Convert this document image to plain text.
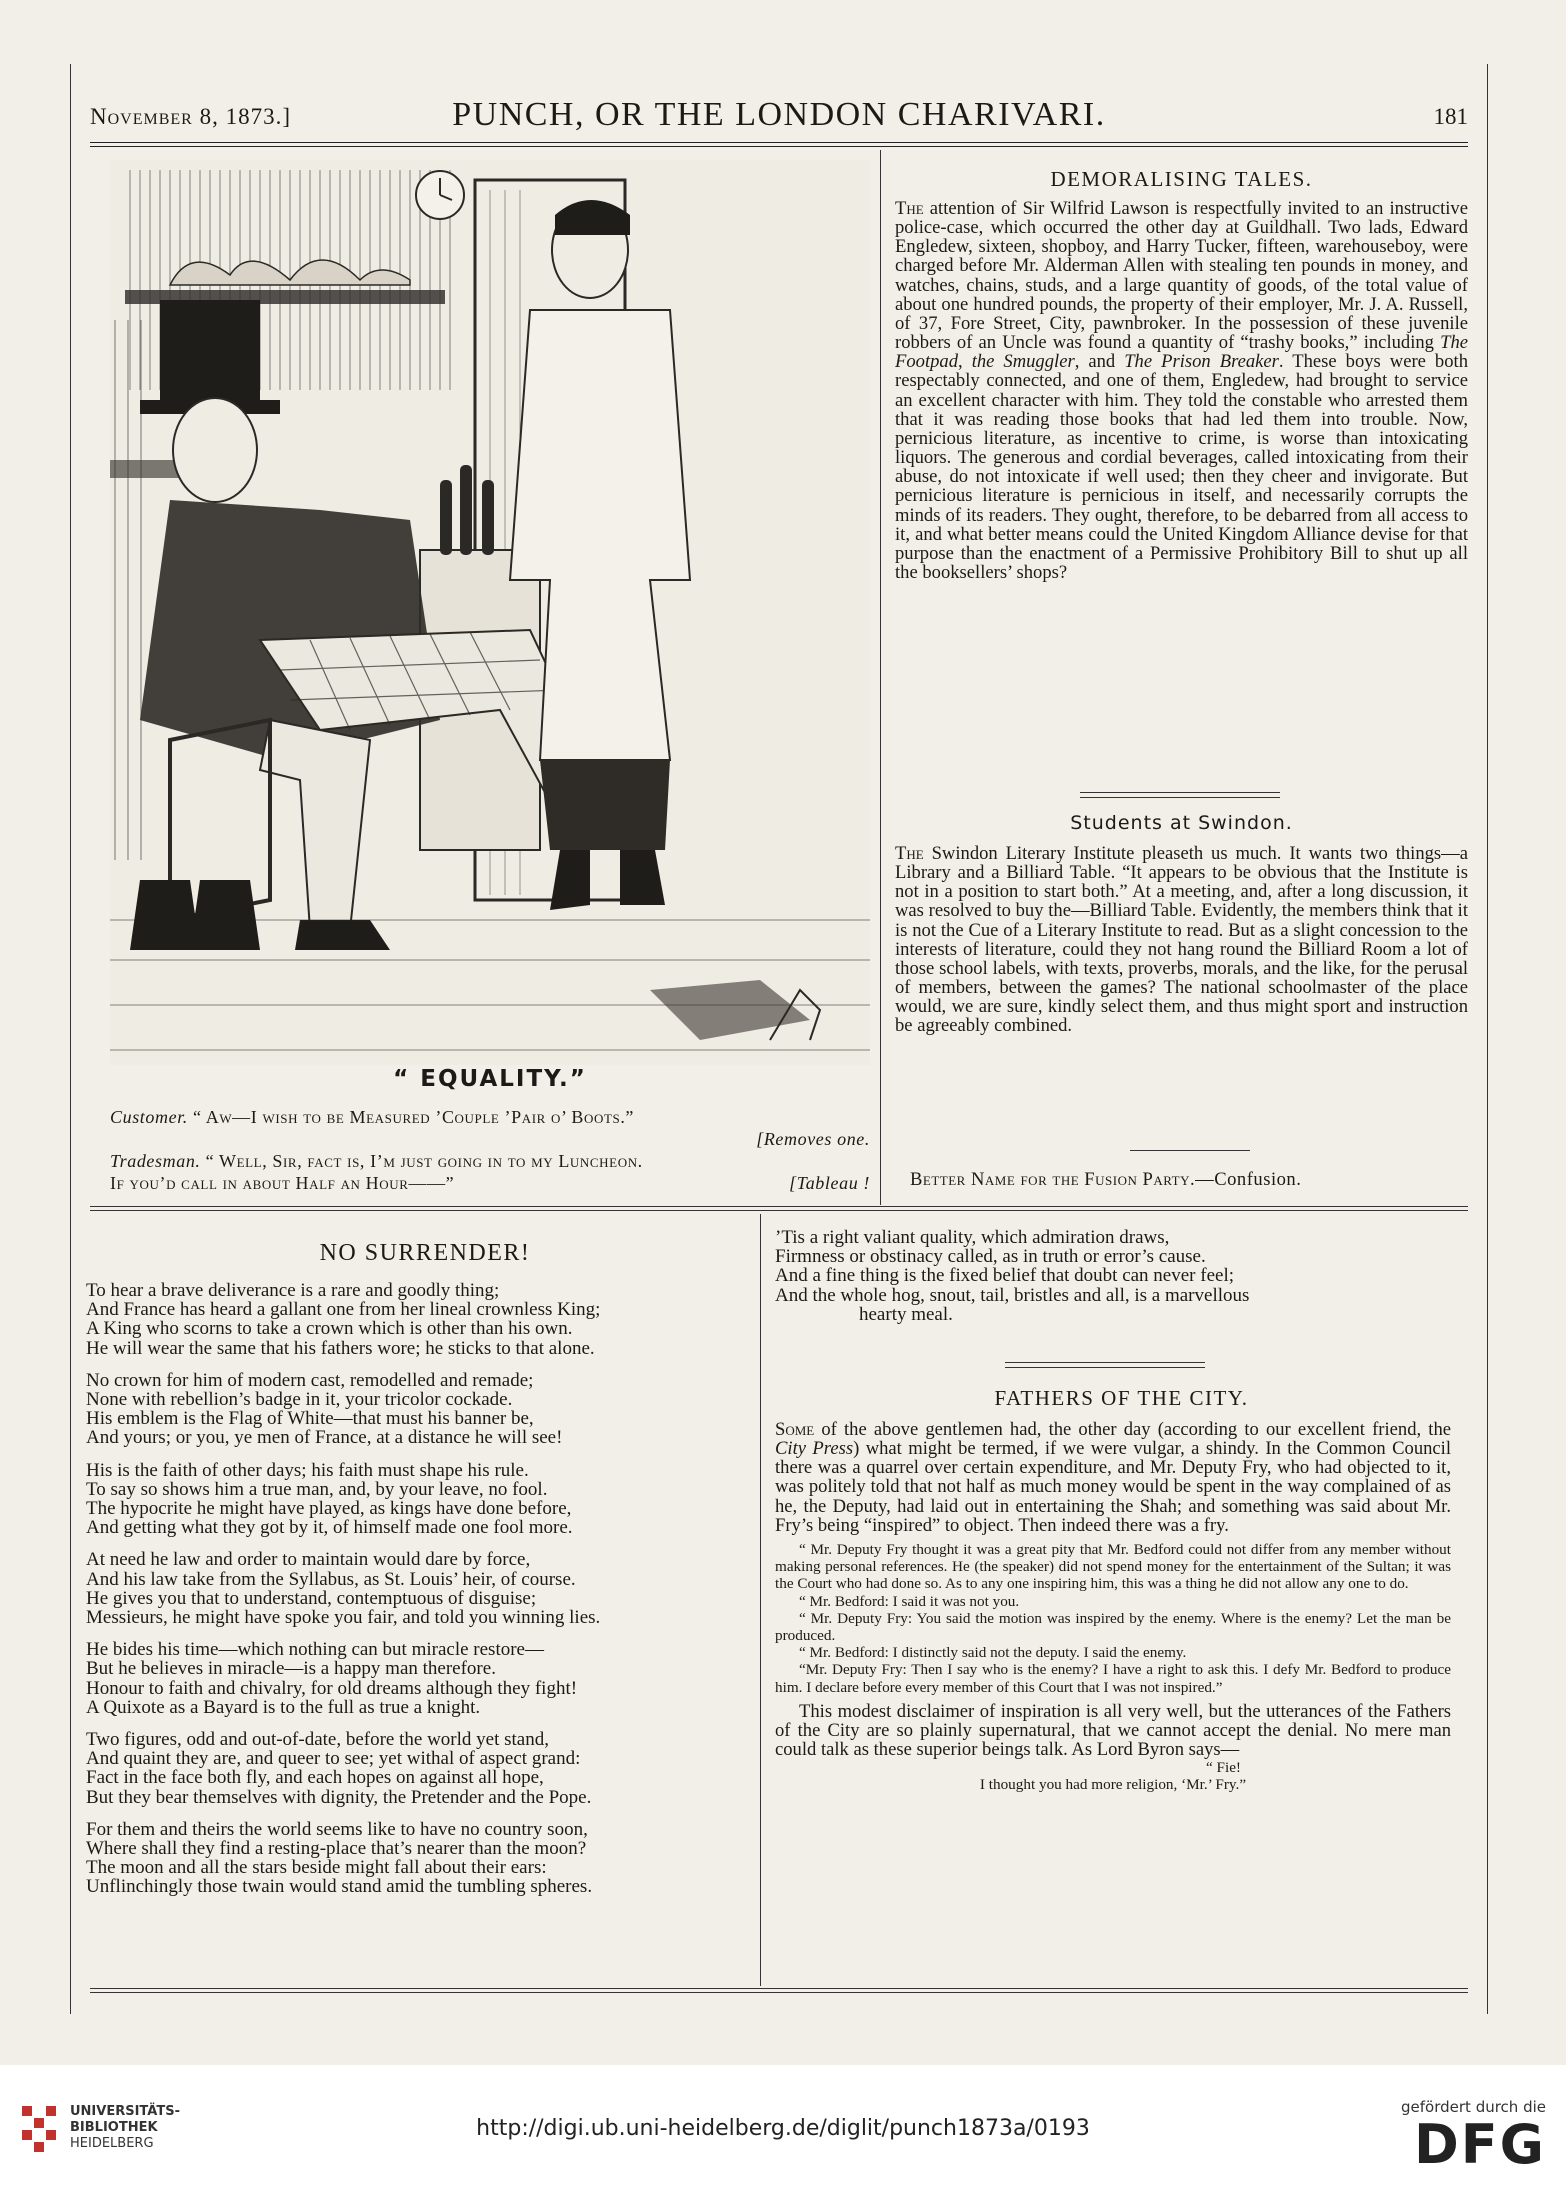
November 8, 1873.]	PUNCH, OR THE LONDON CHARIVARI.	181
“ EQUALITY.”
Customer. “ Aw—I wish to be Measured ’Couple ’Pair o’ Boots.”
[Removes one.
Tradesman. “ Well, Sir, fact is, I’m just going in to my Luncheon.
If you’d call in about Half an Hour——”	[Tableau !
DEMORALISING TALES.

The attention of Sir Wilfrid Lawson is respectfully invited to an instructive police-case, which occurred the other day at Guildhall. Two lads, Edward Engledew, sixteen, shopboy, and Harry Tucker, fifteen, warehouseboy, were charged before Mr. Alderman Allen with stealing ten pounds in money, and watches, chains, studs, and a large quantity of goods, of the total value of about one hundred pounds, the property of their employer, Mr. J. A. Russell, of 37, Fore Street, City, pawnbroker. In the possession of these juvenile robbers of an Uncle was found a quantity of “trashy books,” including The Footpad, the Smuggler, and The Prison Breaker. These boys were both respectably connected, and one of them, Engledew, had brought to service an excellent character with him. They told the constable who arrested them that it was reading those books that had led them into trouble. Now, pernicious literature, as incentive to crime, is worse than intoxicating liquors. The generous and cordial beverages, called intoxicating from their abuse, do not intoxicate if well used; then they cheer and invigorate. But pernicious literature is pernicious in itself, and necessarily corrupts the minds of its readers. They ought, therefore, to be debarred from all access to it, and what better means could the United Kingdom Alliance devise for that purpose than the enactment of a Permissive Prohibitory Bill to shut up all the booksellers’ shops?

Students at Swindon.

The Swindon Literary Institute pleaseth us much. It wants two things—a Library and a Billiard Table. “It appears to be obvious that the Institute is not in a position to start both.” At a meeting, and, after a long discussion, it was resolved to buy the—Billiard Table. Evidently, the members think that it is not the Cue of a Literary Institute to read. But as a slight concession to the interests of literature, could they not hang round the Billiard Room a lot of those school labels, with texts, proverbs, morals, and the like, for the perusal of members, between the games? The national schoolmaster of the place would, we are sure, kindly select them, and thus might sport and instruction be agreeably combined.

Better Name for the Fusion Party.—Confusion.
NO SURRENDER!
To hear a brave deliverance is a rare and goodly thing;
And France has heard a gallant one from her lineal crownless King;
A King who scorns to take a crown which is other than his own.
He will wear the same that his fathers wore; he sticks to that alone.
No crown for him of modern cast, remodelled and remade;
None with rebellion’s badge in it, your tricolor cockade.
His emblem is the Flag of White—that must his banner be,
And yours; or you, ye men of France, at a distance he will see!
His is the faith of other days; his faith must shape his rule.
To say so shows him a true man, and, by your leave, no fool.
The hypocrite he might have played, as kings have done before,
And getting what they got by it, of himself made one fool more.
At need he law and order to maintain would dare by force,
And his law take from the Syllabus, as St. Louis’ heir, of course.
He gives you that to understand, contemptuous of disguise;
Messieurs, he might have spoke you fair, and told you winning lies.
He bides his time—which nothing can but miracle restore—
But he believes in miracle—is a happy man therefore.
Honour to faith and chivalry, for old dreams although they fight!
A Quixote as a Bayard is to the full as true a knight.
Two figures, odd and out-of-date, before the world yet stand,
And quaint they are, and queer to see; yet withal of aspect grand:
Fact in the face both fly, and each hopes on against all hope,
But they bear themselves with dignity, the Pretender and the Pope.
For them and theirs the world seems like to have no country soon,
Where shall they find a resting-place that’s nearer than the moon?
The moon and all the stars beside might fall about their ears:
Unflinchingly those twain would stand amid the tumbling spheres.
’Tis a right valiant quality, which admiration draws,
Firmness or obstinacy called, as in truth or error’s cause.
And a fine thing is the fixed belief that doubt can never feel;
And the whole hog, snout, tail, bristles and all, is a marvellous
hearty meal.
FATHERS OF THE CITY.

Some of the above gentlemen had, the other day (according to our excellent friend, the City Press) what might be termed, if we were vulgar, a shindy. In the Common Council there was a quarrel over certain expenditure, and Mr. Deputy Fry, who had objected to it, was politely told that not half as much money would be spent in the way complained of as he, the Deputy, had laid out in entertaining the Shah; and something was said about Mr. Fry’s being “inspired” to object. Then indeed there was a fry.

“ Mr. Deputy Fry thought it was a great pity that Mr. Bedford could not differ from any member without making personal references. He (the speaker) did not spend money for the entertainment of the Sultan; it was the Court who had done so. As to any one inspiring him, this was a thing he did not allow any one to do.
“ Mr. Bedford: I said it was not you.
“ Mr. Deputy Fry: You said the motion was inspired by the enemy. Where is the enemy? Let the man be produced.
“ Mr. Bedford: I distinctly said not the deputy. I said the enemy.
“Mr. Deputy Fry: Then I say who is the enemy? I have a right to ask this. I defy Mr. Bedford to produce him. I declare before every member of this Court that I was not inspired.”

This modest disclaimer of inspiration is all very well, but the utterances of the Fathers of the City are so plainly supernatural, that we cannot accept the denial. No mere man could talk as these superior beings talk. As Lord Byron says—

“ Fie!
I thought you had more religion, ‘Mr.’ Fry.”
UNIVERSITÄTS-
BIBLIOTHEK
HEIDELBERG
http://digi.ub.uni-heidelberg.de/diglit/punch1873a/0193
gefördert durch die
DFG
